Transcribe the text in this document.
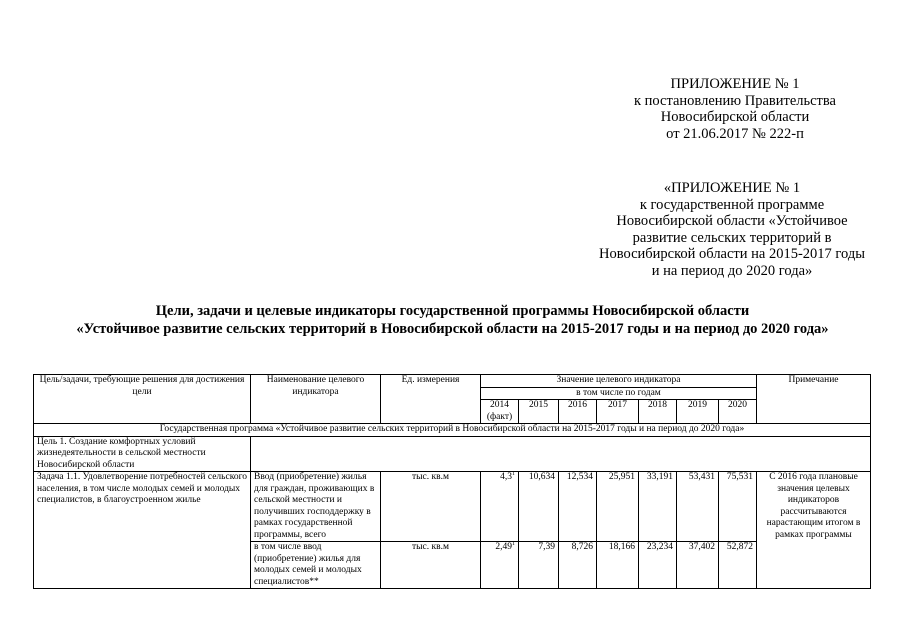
ПРИЛОЖЕНИЕ № 1
к постановлению Правительства
Новосибирской области
от 21.06.2017 № 222-п
«ПРИЛОЖЕНИЕ № 1
к государственной программе
Новосибирской области «Устойчивое
развитие сельских территорий в
Новосибирской области на 2015-2017 годы
и на период до 2020 года»
Цели, задачи и целевые индикаторы государственной программы Новосибирской области
«Устойчивое развитие сельских территорий в Новосибирской области на 2015-2017 годы и на период до 2020 года»
Цель/задачи, требующие решения для достижения цели	Наименование целевого индикатора	Ед. измерения	Значение целевого индикатора							Примечание
			в том числе по годам							
			2014 (факт)	2015	2016	2017	2018	2019	2020	
Государственная программа «Устойчивое развитие сельских территорий в Новосибирской области на 2015-2017 годы и на период до 2020 года»										
Цель 1. Создание комфортных условий жизнедеятельности в сельской местности Новосибирской области										
Задача 1.1. Удовлетворение потребностей сельского населения, в том числе молодых семей и молодых специалистов, в благоустроенном жилье	Ввод (приобретение) жилья для граждан, проживающих в сельской местности и получивших господдержку в рамках государственной программы, всего	тыс. кв.м	$4,3^1$	10,634	12,534	25,951	33,191	53,431	75,531	С 2016 года плановые значения целевых индикаторов рассчитываются нарастающим итогом в рамках программы
	в том числе ввод (приобретение) жилья для молодых семей и молодых специалистов**	тыс. кв.м	2,49$^1$	7,39	8,726	18,166	23,234	37,402	52,872	
